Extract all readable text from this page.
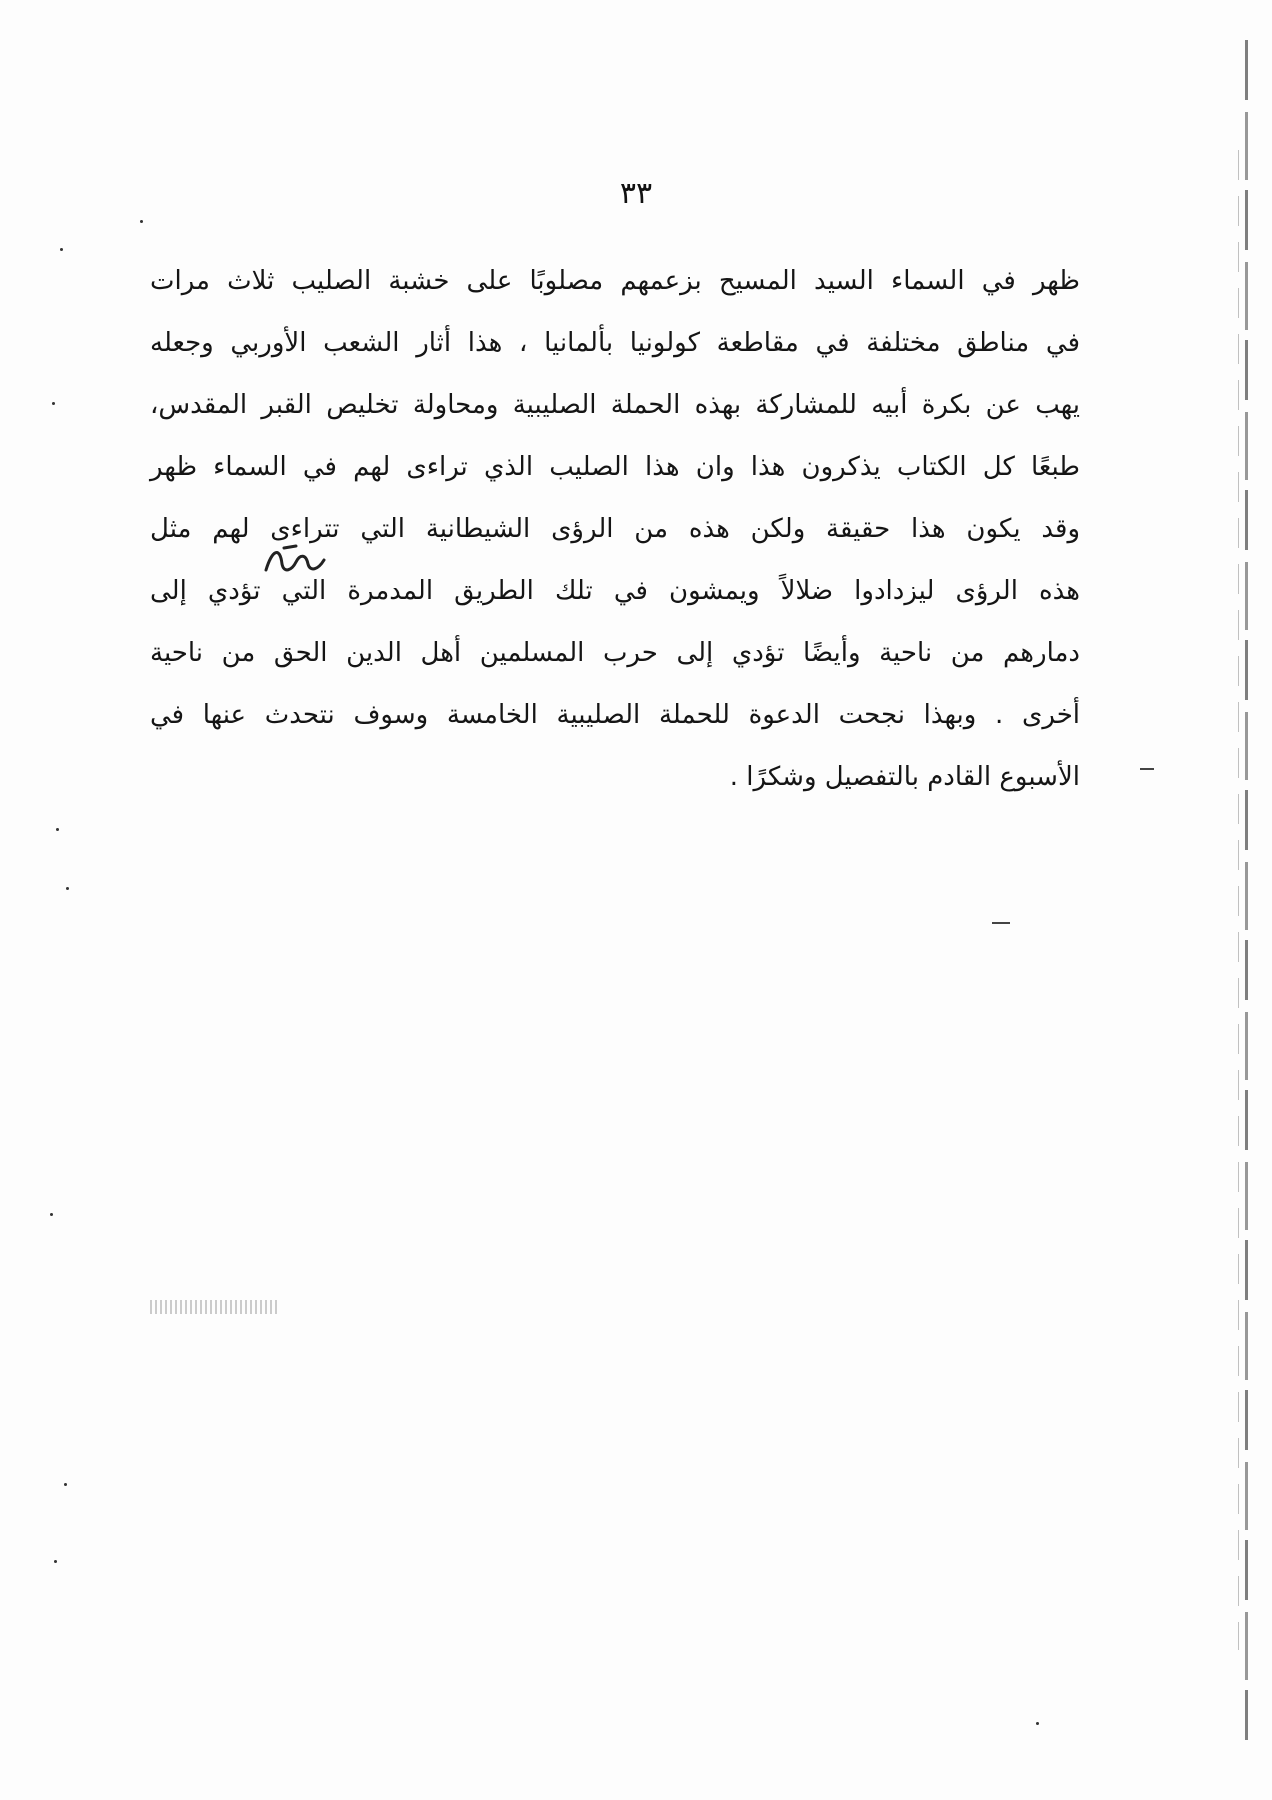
٣٣
ظهر في السماء السيد المسيح بزعمهم مصلوبًا على خشبة الصليب ثلاث مرات
في مناطق مختلفة في مقاطعة كولونيا بألمانيا ، هذا أثار الشعب الأوربي وجعله
يهب عن بكرة أبيه للمشاركة بهذه الحملة الصليبية ومحاولة تخليص القبر المقدس،
طبعًا كل الكتاب يذكرون هذا وان هذا الصليب الذي تراءى لهم في السماء ظهر
وقد يكون هذا حقيقة ولكن هذه من الرؤى الشيطانية التي تتراءى لهم مثل
هذه الرؤى ليزدادوا ضلالاً ويمشون في تلك الطريق المدمرة التي تؤدي إلى
دمارهم من ناحية وأيضًا تؤدي إلى حرب المسلمين أهل الدين الحق من ناحية
أخرى . وبهذا نجحت الدعوة للحملة الصليبية الخامسة وسوف نتحدث عنها في
الأسبوع القادم بالتفصيل وشكرًا .
